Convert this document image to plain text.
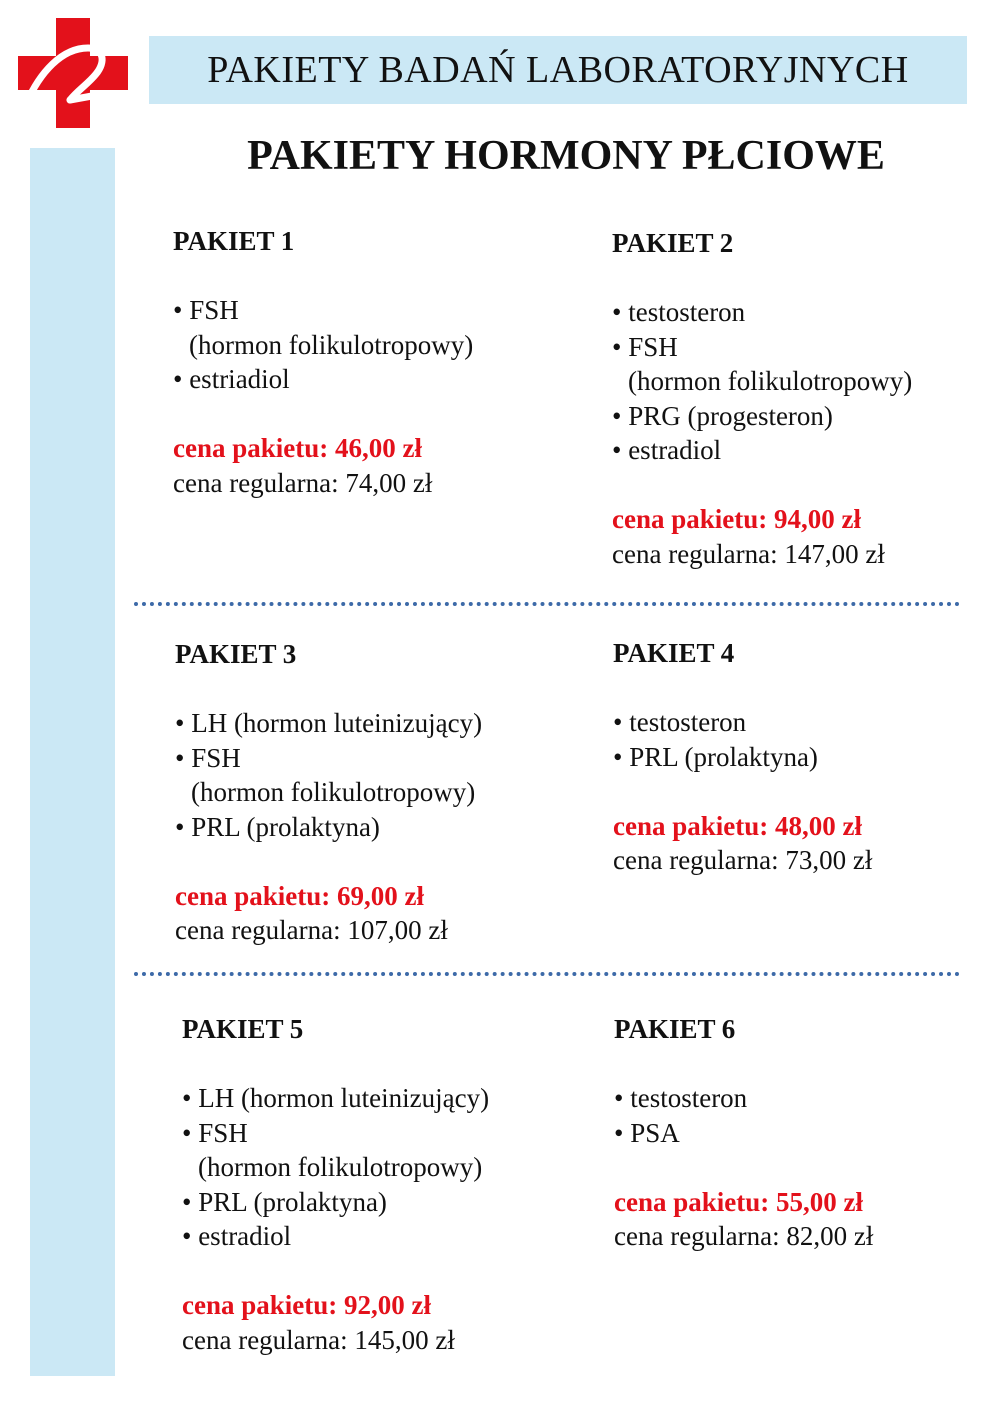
PAKIETY BADAŃ LABORATORYJNYCH
PAKIETY HORMONY PŁCIOWE
PAKIET 1
• FSH
(hormon folikulotropowy)
• estriadiol
cena pakietu: 46,00 zł
cena regularna: 74,00 zł
PAKIET 2
• testosteron
• FSH
(hormon folikulotropowy)
• PRG (progesteron)
• estradiol
cena pakietu: 94,00 zł
cena regularna: 147,00 zł
PAKIET 3
• LH (hormon luteinizujący)
• FSH
(hormon folikulotropowy)
• PRL (prolaktyna)
cena pakietu: 69,00 zł
cena regularna: 107,00 zł
PAKIET 4
• testosteron
• PRL (prolaktyna)
cena pakietu: 48,00 zł
cena regularna: 73,00 zł
PAKIET 5
• LH (hormon luteinizujący)
• FSH
(hormon folikulotropowy)
• PRL (prolaktyna)
• estradiol
cena pakietu: 92,00 zł
cena regularna: 145,00 zł
PAKIET 6
• testosteron
• PSA
cena pakietu: 55,00 zł
cena regularna: 82,00 zł
